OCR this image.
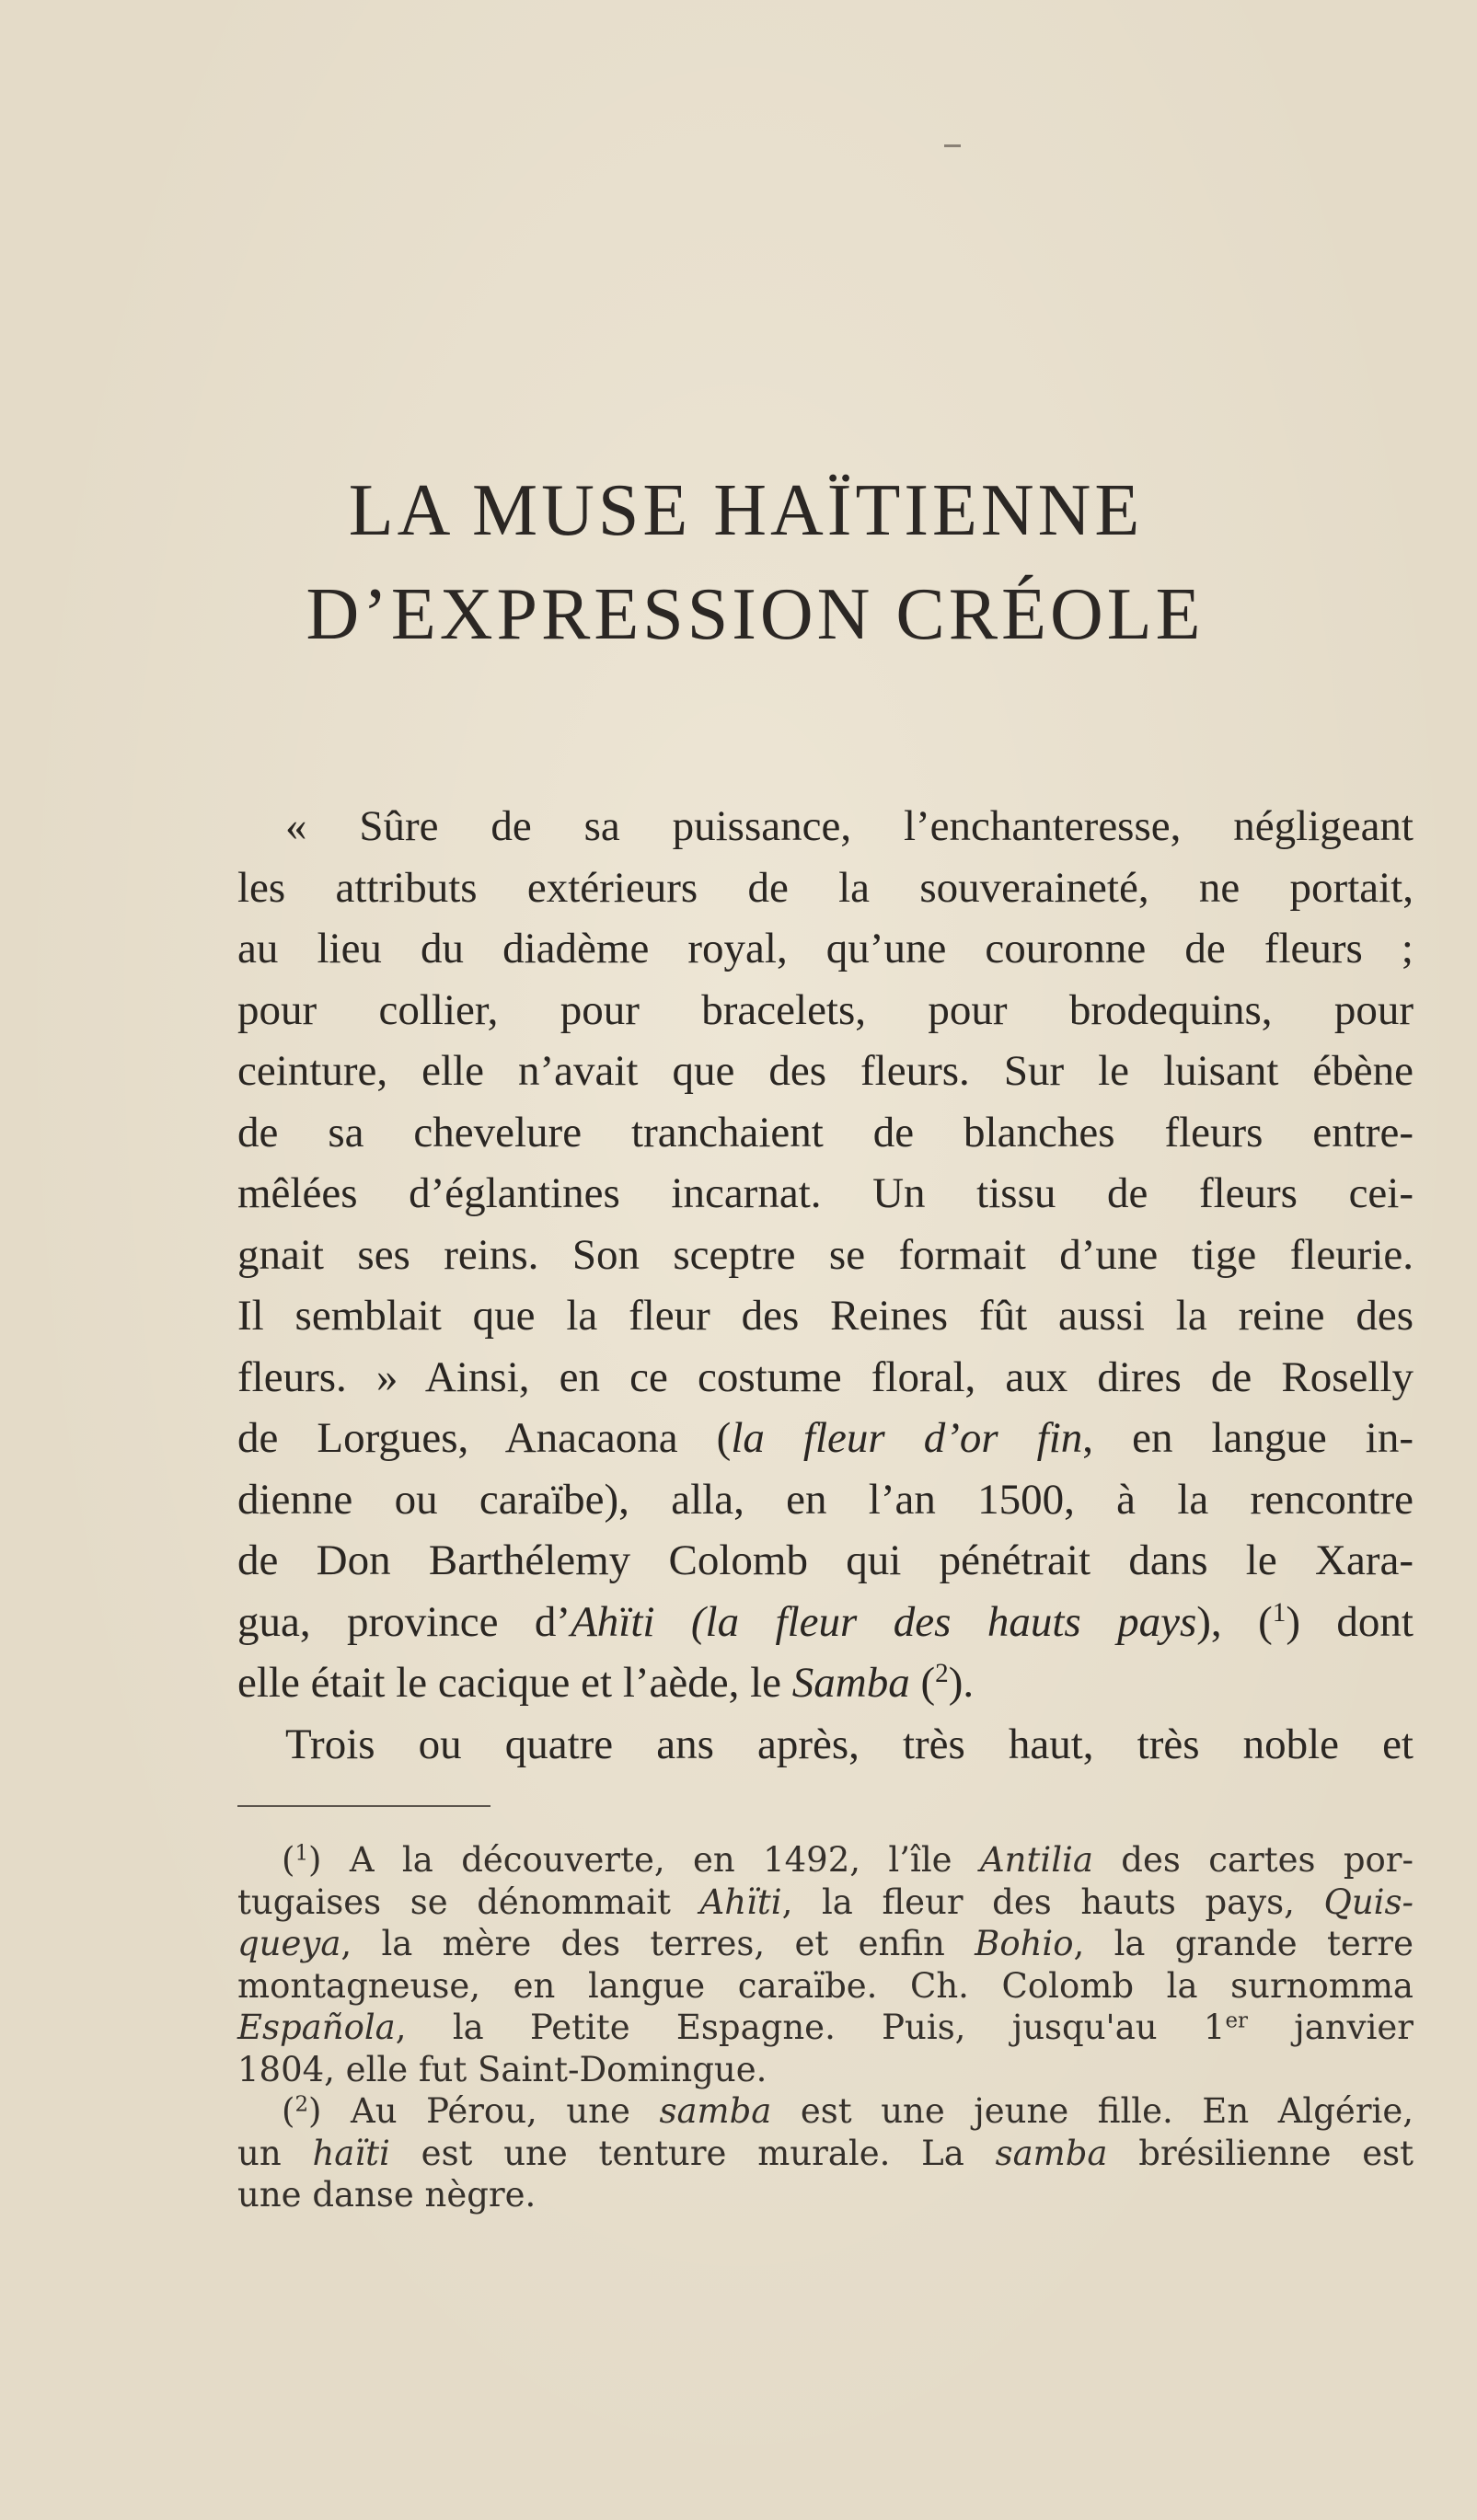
LA MUSE HAÏTIENNE
D’EXPRESSION CRÉOLE
« Sûre de sa puissance, l’enchanteresse, négligeant
les attributs extérieurs de la souveraineté, ne portait,
au lieu du diadème royal, qu’une couronne de fleurs ;
pour collier, pour bracelets, pour brodequins, pour
ceinture, elle n’avait que des fleurs. Sur le luisant ébène
de sa chevelure tranchaient de blanches fleurs entre-
mêlées d’églantines incarnat. Un tissu de fleurs cei-
gnait ses reins. Son sceptre se formait d’une tige fleurie.
Il semblait que la fleur des Reines fût aussi la reine des
fleurs. » Ainsi, en ce costume floral, aux dires de Roselly
de Lorgues, Anacaona (la fleur d’or fin, en langue in-
dienne ou caraïbe), alla, en l’an 1500, à la rencontre
de Don Barthélemy Colomb qui pénétrait dans le Xara-
gua, province d’Ahïti (la fleur des hauts pays), ($^1$) dont
elle était le cacique et l’aède, le Samba ($^2$).
Trois ou quatre ans après, très haut, très noble et
($^1$) A la découverte, en 1492, l’île Antilia des cartes por-
tugaises se dénommait Ahïti, la fleur des hauts pays, Quis-
queya, la mère des terres, et enfin Bohio, la grande terre
montagneuse, en langue caraïbe. Ch. Colomb la surnomma
Española, la Petite Espagne. Puis, jusqu'au 1er janvier
1804, elle fut Saint-Domingue.
($^2$) Au Pérou, une samba est une jeune fille. En Algérie,
un haïti est une tenture murale. La samba brésilienne est
une danse nègre.
